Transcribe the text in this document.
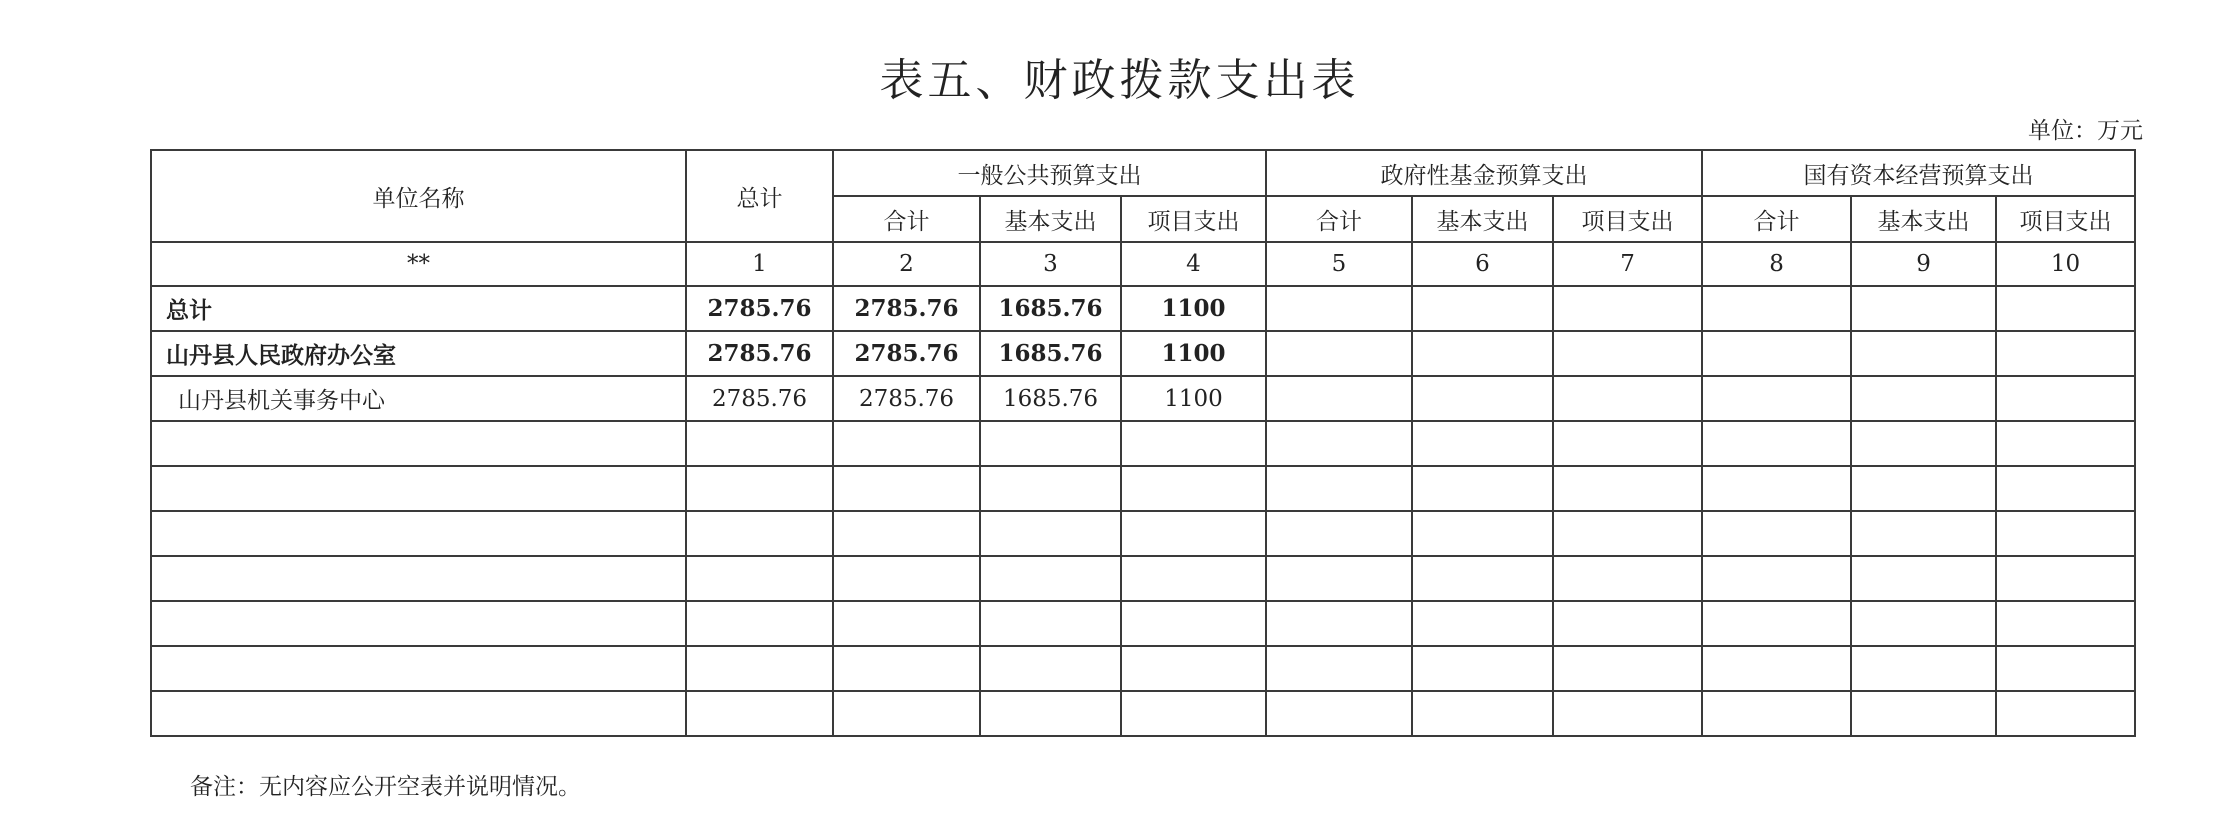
表五、财政拨款支出表
单位：万元
单位名称	总计	一般公共预算支出			政府性基金预算支出			国有资本经营预算支出		
		合计	基本支出	项目支出	合计	基本支出	项目支出	合计	基本支出	项目支出
**	1	2	3	4	5	6	7	8	9	10
总计	2785.76	2785.76	1685.76	1100						
山丹县人民政府办公室	2785.76	2785.76	1685.76	1100						
山丹县机关事务中心	2785.76	2785.76	1685.76	1100						

备注：无内容应公开空表并说明情况。
